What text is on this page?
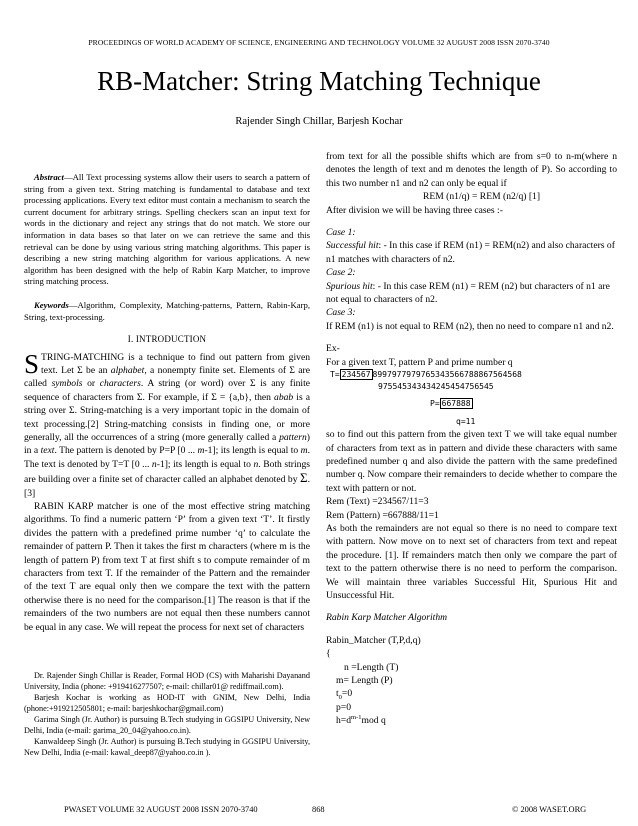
PROCEEDINGS OF WORLD ACADEMY OF SCIENCE, ENGINEERING AND TECHNOLOGY VOLUME 32 AUGUST 2008 ISSN 2070-3740
RB-Matcher: String Matching Technique
Rajender Singh Chillar, Barjesh Kochar

Abstract—All Text processing systems allow their users to search a pattern of string from a given text. String matching is fundamental to database and text processing applications. Every text editor must contain a mechanism to search the current document for arbitrary strings. Spelling checkers scan an input text for words in the dictionary and reject any strings that do not match. We store our information in data bases so that later on we can retrieve the same and this retrieval can be done by using various string matching algorithms. This paper is describing a new string matching algorithm for various applications. A new algorithm has been designed with the help of Rabin Karp Matcher, to improve string matching process.

Keywords—Algorithm, Complexity, Matching-patterns, Pattern, Rabin-Karp, String, text-processing.

I. INTRODUCTION

STRING-MATCHING is a technique to find out pattern from given text. Let Σ be an alphabet, a nonempty finite set. Elements of Σ are called symbols or characters. A string (or word) over Σ is any finite sequence of characters from Σ. For example, if Σ = {a,b}, then abab is a string over Σ. String-matching is a very important topic in the domain of text processing.[2] String-matching consists in finding one, or more generally, all the occurrences of a string (more generally called a pattern) in a text. The pattern is denoted by P=P [0 ... m-1]; its length is equal to m. The text is denoted by T=T [0 ... n-1]; its length is equal to n. Both strings are building over a finite set of character called an alphabet denoted by Σ. [3]

RABIN KARP matcher is one of the most effective string matching algorithms. To find a numeric pattern ‘P’ from a given text ‘T’. It firstly divides the pattern with a predefined prime number ‘q’ to calculate the remainder of pattern P. Then it takes the first m characters (where m is the length of pattern P) from text T at first shift s to compute remainder of m characters from text T. If the remainder of the Pattern and the remainder of the text T are equal only then we compare the text with the pattern otherwise there is no need for the comparison.[1] The reason is that if the remainders of the two numbers are not equal then these numbers cannot be equal in any case. We will repeat the process for next set of characters

Dr. Rajender Singh Chillar is Reader, Formal HOD (CS) with Maharishi Dayanand University, India (phone: +919416277507; e-mail: chillar01@ rediffmail.com).

Barjesh Kochar is working as HOD-IT with GNIM, New Delhi, India (phone:+919212505801; e-mail: barjeshkochar@gmail.com)

Garima Singh (Jr. Author) is pursuing B.Tech studying in GGSIPU University, New Delhi, India (e-mail: garima_20_04@yahoo.co.in).

Kanwaldeep Singh (Jr. Author) is pursuing B.Tech studying in GGSIPU University, New Delhi, India (e-mail: kawal_deep87@yahoo.co.in ).

from text for all the possible shifts which are from s=0 to n-m(where n denotes the length of text and m denotes the length of P). So according to this two number n1 and n2 can only be equal if

REM (n1/q) = REM (n2/q) [1]

After division we will be having three cases :-

Case 1:

Successful hit: - In this case if REM (n1) = REM(n2) and also characters of n1 matches with characters of n2.

Case 2:

Spurious hit: - In this case REM (n1) = REM (n2) but characters of n1 are not equal to characters of n2.

Case 3:

If REM (n1) is not equal to REM (n2), then no need to compare n1 and n2.

Ex-

For a given text T, pattern P and prime number q

T= 234567 8997977979765343566788867564568
975545343434245454756545
P= 667888
q=11

so to find out this pattern from the given text T we will take equal number of characters from text as in pattern and divide these characters with same predefined number q and also divide the pattern with the same predefined number q. Now compare their remainders to decide whether to compare the text with pattern or not.

Rem (Text) =234567/11=3

Rem (Pattern) =667888/11=1

As both the remainders are not equal so there is no need to compare text with pattern. Now move on to next set of characters from text and repeat the procedure. [1]. If remainders match then only we compare the part of text to the pattern otherwise there is no need to perform the comparison. We will maintain three variables Successful Hit, Spurious Hit and Unsuccessful Hit.

Rabin Karp Matcher Algorithm

Rabin_Matcher (T,P,d,q)

{

n =Length (T)

m= Length (P)

$t_0=0$

p=0

$h=d^{m-1}mod$ q

PWASET VOLUME 32 AUGUST 2008 ISSN 2070-3740	868	© 2008 WASET.ORG
